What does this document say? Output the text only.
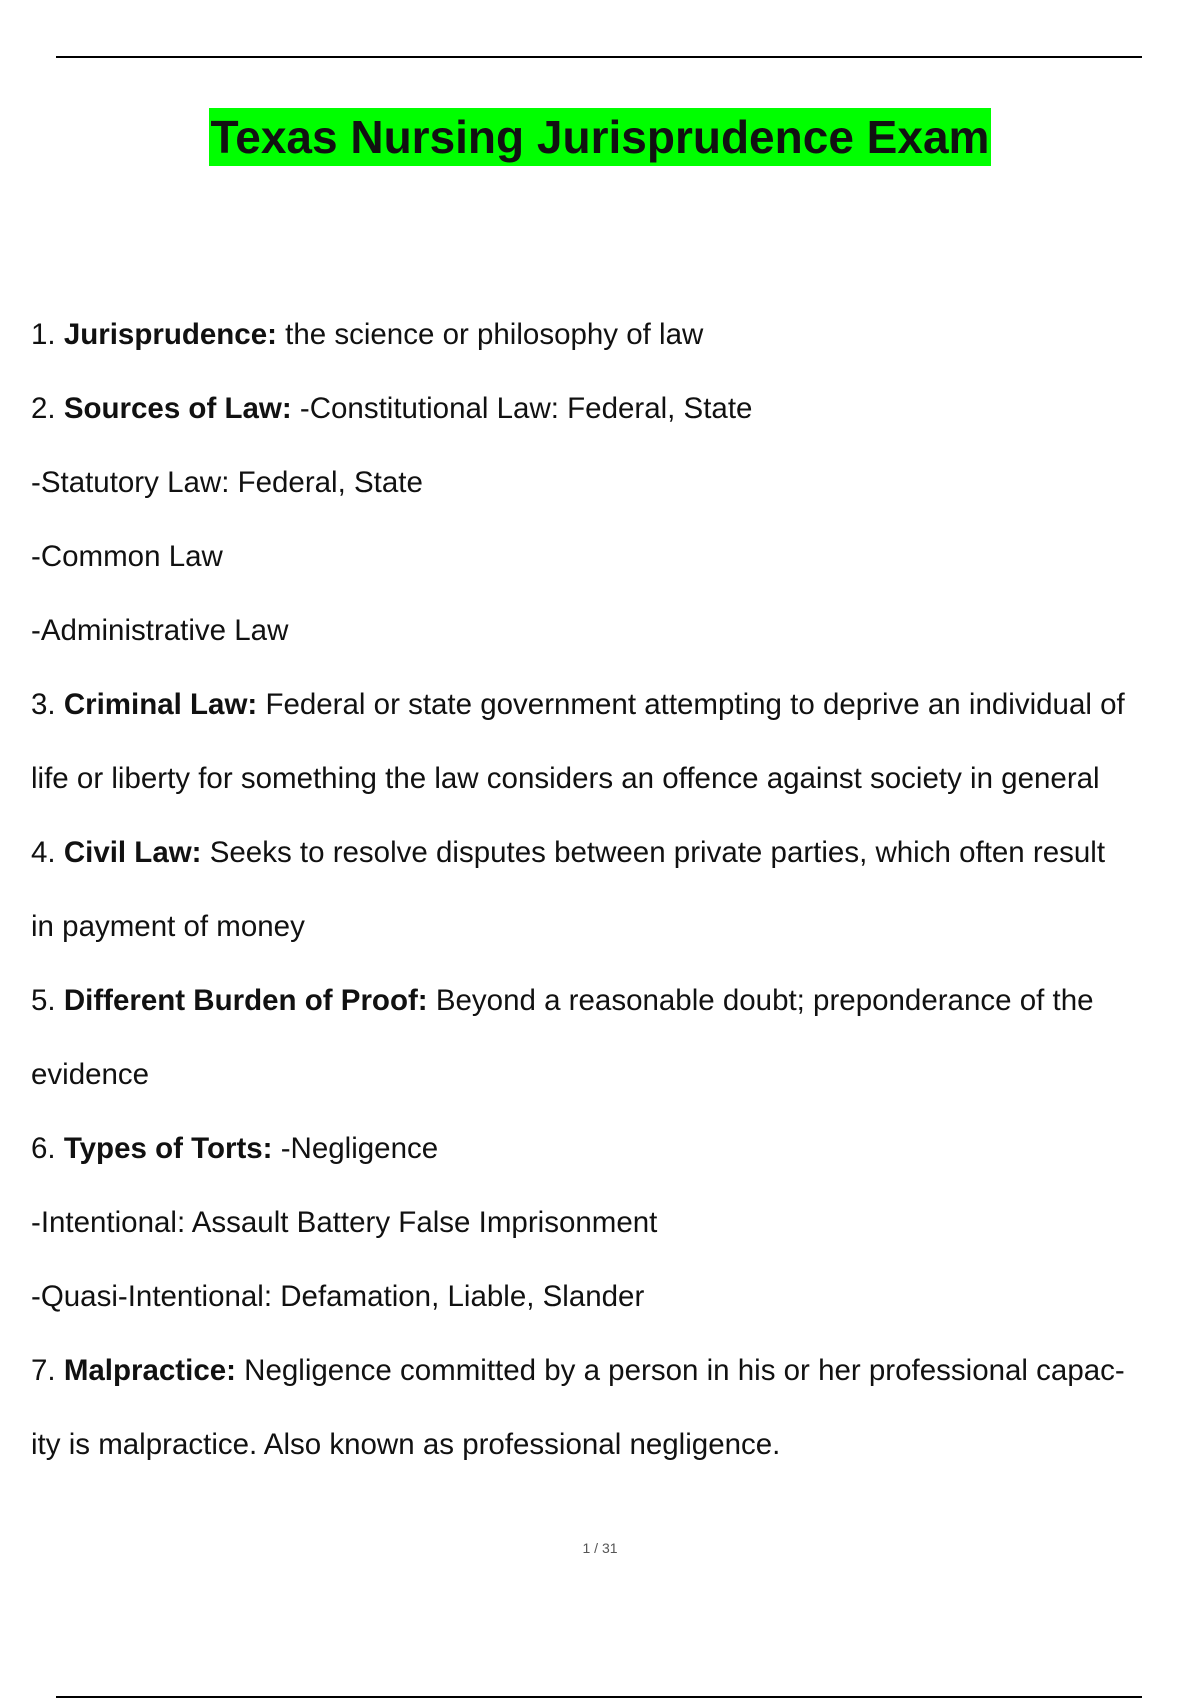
Texas Nursing Jurisprudence Exam
1. Jurisprudence: the science or philosophy of law
2. Sources of Law: -Constitutional Law: Federal, State
-Statutory Law: Federal, State
-Common Law
-Administrative Law
3. Criminal Law: Federal or state government attempting to deprive an individual of
life or liberty for something the law considers an offence against society in general
4. Civil Law: Seeks to resolve disputes between private parties, which often result
in payment of money
5. Different Burden of Proof: Beyond a reasonable doubt; preponderance of the
evidence
6. Types of Torts: -Negligence
-Intentional: Assault Battery False Imprisonment
-Quasi-Intentional: Defamation, Liable, Slander
7. Malpractice: Negligence committed by a person in his or her professional capac-
ity is malpractice. Also known as professional negligence.
1 / 31
